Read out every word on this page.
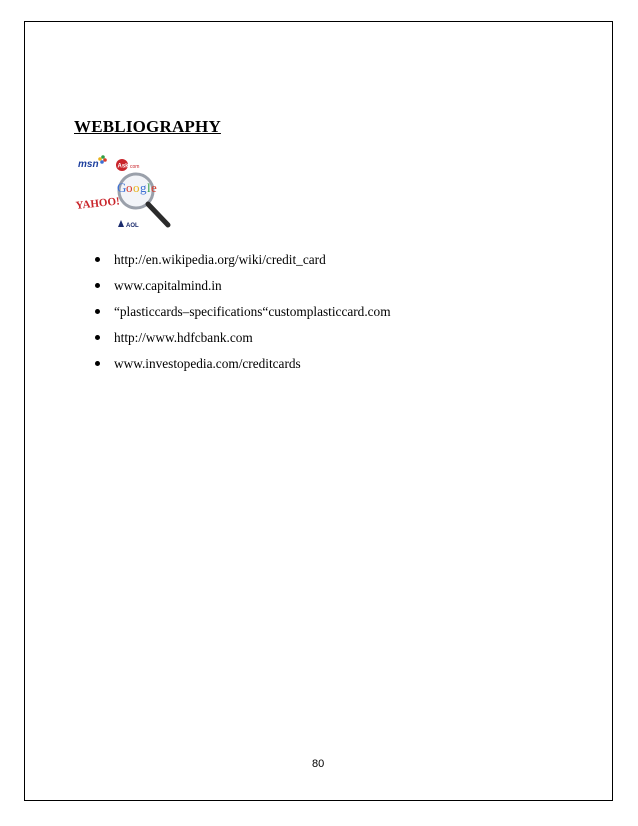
WEBLIOGRAPHY
msn	Ask com
G o o g l e
YAHOO!
AOL
http://en.wikipedia.org/wiki/credit_card
www.capitalmind.in
“plasticcards–specifications“customplasticcard.com
http://www.hdfcbank.com
www.investopedia.com/creditcards
80
